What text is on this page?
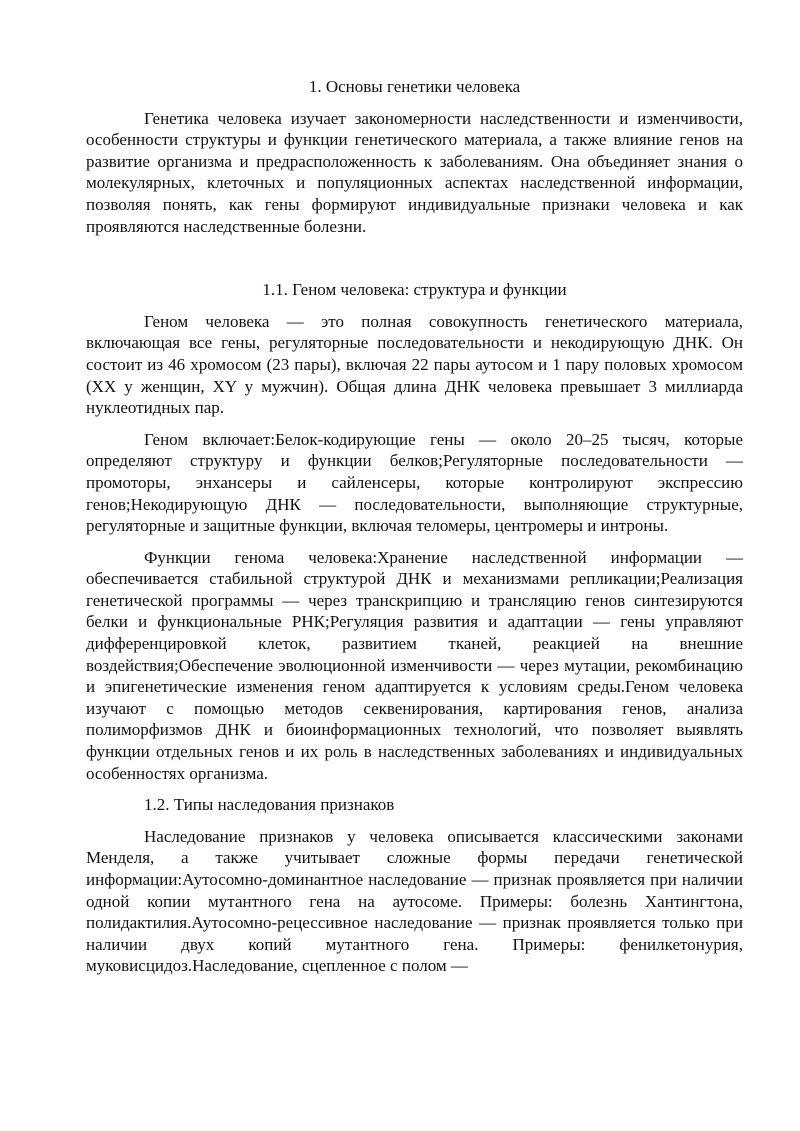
1. Основы генетики человека

Генетика человека изучает закономерности наследственности и изменчивости, особенности структуры и функции генетического материала, а также влияние генов на развитие организма и предрасположенность к заболеваниям. Она объединяет знания о молекулярных, клеточных и популяционных аспектах наследственной информации, позволяя понять, как гены формируют индивидуальные признаки человека и как проявляются наследственные болезни.

1.1. Геном человека: структура и функции

Геном человека — это полная совокупность генетического материала, включающая все гены, регуляторные последовательности и некодирующую ДНК. Он состоит из 46 хромосом (23 пары), включая 22 пары аутосом и 1 пару половых хромосом (XX у женщин, XY у мужчин). Общая длина ДНК человека превышает 3 миллиарда нуклеотидных пар.

Геном включает:Белок-кодирующие гены — около 20–25 тысяч, которые определяют структуру и функции белков;Регуляторные последовательности — промоторы, энхансеры и сайленсеры, которые контролируют экспрессию генов;Некодирующую ДНК — последовательности, выполняющие структурные, регуляторные и защитные функции, включая теломеры, центромеры и интроны.

Функции генома человека:Хранение наследственной информации — обеспечивается стабильной структурой ДНК и механизмами репликации;Реализация генетической программы — через транскрипцию и трансляцию генов синтезируются белки и функциональные РНК;Регуляция развития и адаптации — гены управляют дифференцировкой клеток, развитием тканей, реакцией на внешние воздействия;Обеспечение эволюционной изменчивости — через мутации, рекомбинацию и эпигенетические изменения геном адаптируется к условиям среды.Геном человека изучают с помощью методов секвенирования, картирования генов, анализа полиморфизмов ДНК и биоинформационных технологий, что позволяет выявлять функции отдельных генов и их роль в наследственных заболеваниях и индивидуальных особенностях организма.

1.2. Типы наследования признаков

Наследование признаков у человека описывается классическими законами Менделя, а также учитывает сложные формы передачи генетической информации:Аутосомно-доминантное наследование — признак проявляется при наличии одной копии мутантного гена на аутосоме. Примеры: болезнь Хантингтона, полидактилия.Аутосомно-рецессивное наследование — признак проявляется только при наличии двух копий мутантного гена. Примеры: фенилкетонурия, муковисцидоз.Наследование, сцепленное с полом —
